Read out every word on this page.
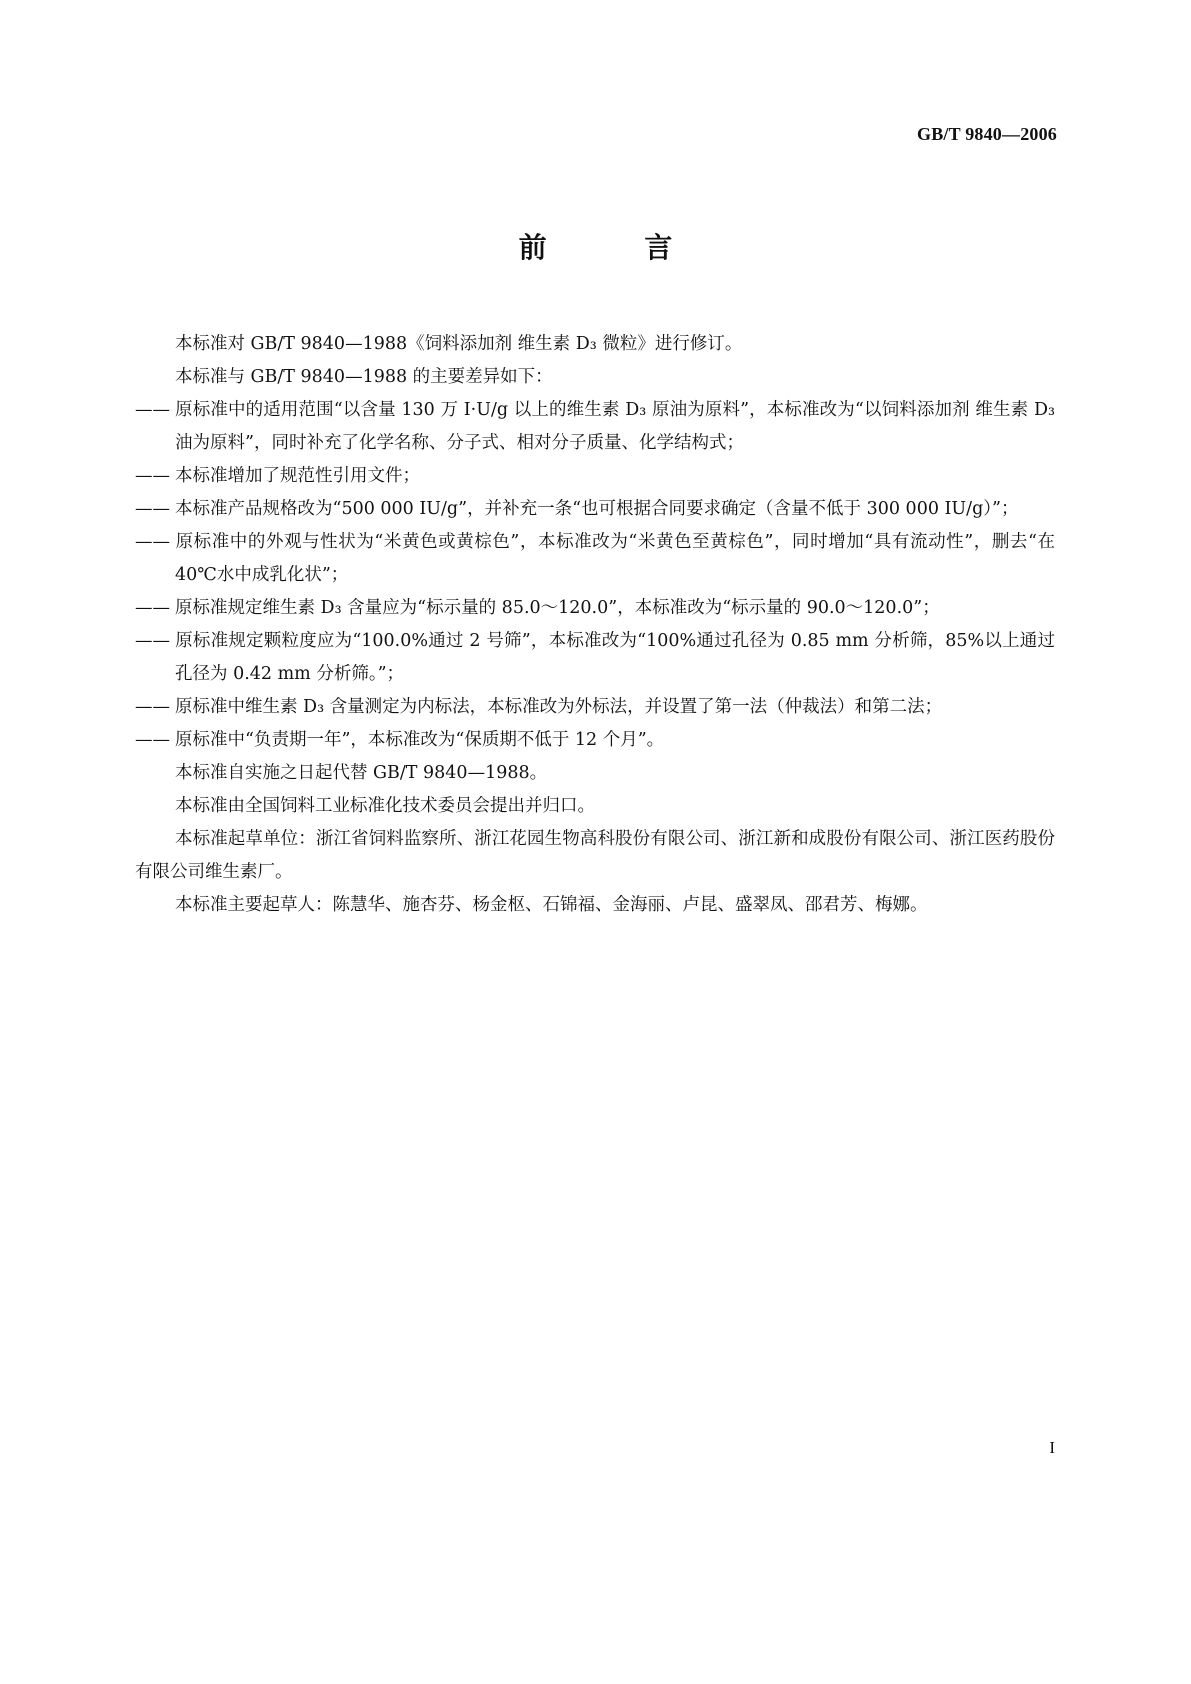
GB/T 9840—2006
前 言

本标准对 GB/T 9840—1988《饲料添加剂 维生素 D₃ 微粒》进行修订。

本标准与 GB/T 9840—1988 的主要差异如下：

—— 原标准中的适用范围“以含量 130 万 I·U/g 以上的维生素 D₃ 原油为原料”，本标准改为“以饲料添加剂 维生素 D₃ 油为原料”，同时补充了化学名称、分子式、相对分子质量、化学结构式；
—— 本标准增加了规范性引用文件；
—— 本标准产品规格改为“500 000 IU/g”，并补充一条“也可根据合同要求确定（含量不低于 300 000 IU/g）”；
—— 原标准中的外观与性状为“米黄色或黄棕色”，本标准改为“米黄色至黄棕色”，同时增加“具有流动性”，删去“在 40℃水中成乳化状”；
—— 原标准规定维生素 D₃ 含量应为“标示量的 85.0～120.0”，本标准改为“标示量的 90.0～120.0”；
—— 原标准规定颗粒度应为“100.0%通过 2 号筛”，本标准改为“100%通过孔径为 0.85 mm 分析筛，85%以上通过孔径为 0.42 mm 分析筛。”；
—— 原标准中维生素 D₃ 含量测定为内标法，本标准改为外标法，并设置了第一法（仲裁法）和第二法；
—— 原标准中“负责期一年”，本标准改为“保质期不低于 12 个月”。

本标准自实施之日起代替 GB/T 9840—1988。

本标准由全国饲料工业标准化技术委员会提出并归口。

本标准起草单位：浙江省饲料监察所、浙江花园生物高科股份有限公司、浙江新和成股份有限公司、浙江医药股份有限公司维生素厂。

本标准主要起草人：陈慧华、施杏芬、杨金枢、石锦福、金海丽、卢昆、盛翠凤、邵君芳、梅娜。

I
